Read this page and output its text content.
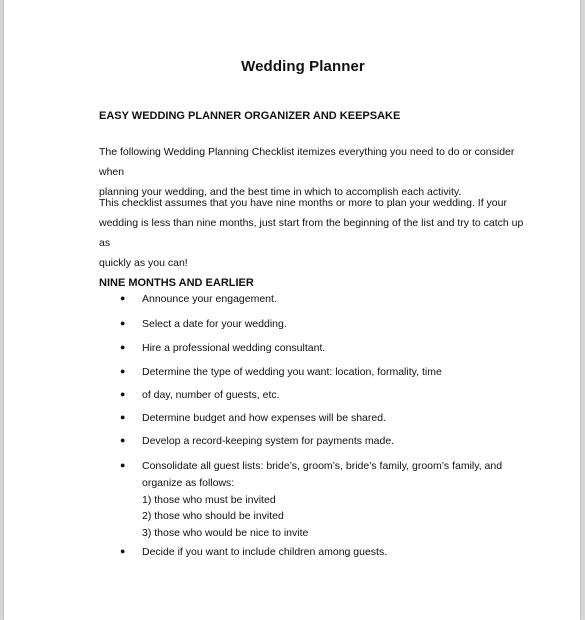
Wedding Planner
EASY WEDDING PLANNER ORGANIZER AND KEEPSAKE
The following Wedding Planning Checklist itemizes everything you need to do or consider when
planning your wedding, and the best time in which to accomplish each activity.
This checklist assumes that you have nine months or more to plan your wedding. If your
wedding is less than nine months, just start from the beginning of the list and try to catch up as
quickly as you can!
NINE MONTHS AND EARLIER
●	Announce your engagement.
●	Select a date for your wedding.
●	Hire a professional wedding consultant.
●	Determine the type of wedding you want: location, formality, time
●	of day, number of guests, etc.
●	Determine budget and how expenses will be shared.
●	Develop a record-keeping system for payments made.
●	Consolidate all guest lists: bride’s, groom’s, bride’s family, groom’s family, and
organize as follows:
1) those who must be invited
2) those who should be invited
3) those who would be nice to invite
●	Decide if you want to include children among guests.
